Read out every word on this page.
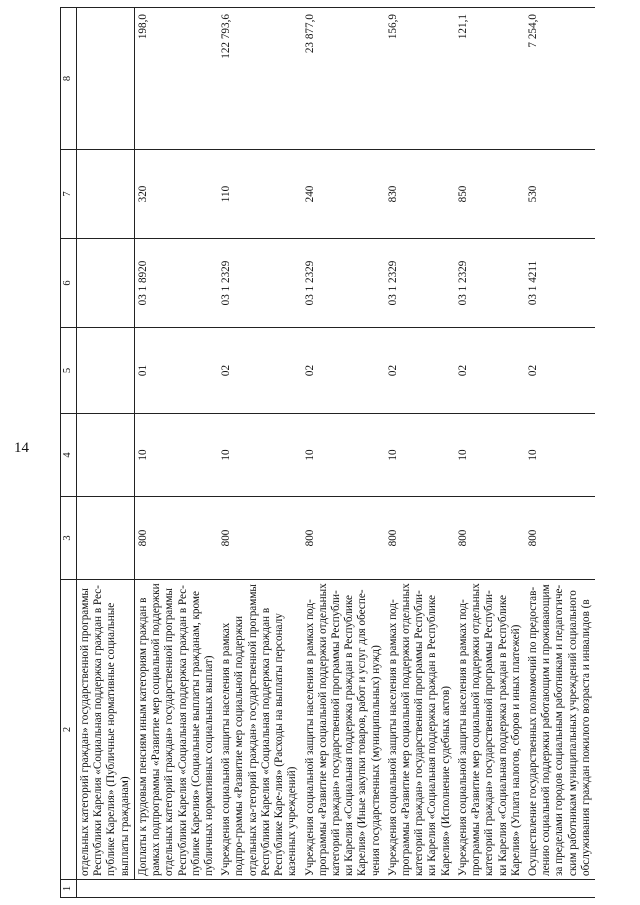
14
1	2	3	4	5	6	7	8
	отдельных категорий граждан» государственной программы Республики Карелия «Социальная поддержка граждан в Рес-публике Карелия» (Публичные нормативные социальные выплаты гражданам)						
	Доплаты к трудовым пенсиям иным категориям граждан в рамках подпрограммы «Развитие мер социальной поддержки отдельных категорий граждан» государственной программы Республики Карелия «Социальная поддержка граждан в Рес-публике Карелия» (Социальные выплаты гражданам, кроме публичных нормативных социальных выплат)	800	10	01	03 1 8920	320	198,0
	Учреждения социальной защиты населения в рамках подпро-граммы «Развитие мер социальной поддержки отдельных ка-тегорий граждан» государственной программы Республики Карелия «Социальная поддержка граждан в Республике Каре-лия» (Расходы на выплаты персоналу казенных учреждений)	800	10	02	03 1 2329	110	122 793,6
	Учреждения социальной защиты населения в рамках под-программы «Развитие мер социальной поддержки отдельных категорий граждан» государственной программы Республи-ки Карелия «Социальная поддержка граждан в Республике Карелия» (Иные закупки товаров, работ и услуг для обеспе-чения государственных (муниципальных) нужд)	800	10	02	03 1 2329	240	23 877,0
	Учреждения социальной защиты населения в рамках под-программы «Развитие мер социальной поддержки отдельных категорий граждан» государственной программы Республи-ки Карелия «Социальная поддержка граждан в Республике Карелия» (Исполнение судебных актов)	800	10	02	03 1 2329	830	156,9
	Учреждения социальной защиты населения в рамках под-программы «Развитие мер социальной поддержки отдельных категорий граждан» государственной программы Республи-ки Карелия «Социальная поддержка граждан в Республике Карелия» (Уплата налогов, сборов и иных платежей)	800	10	02	03 1 2329	850	121,1
	Осуществление государственных полномочий по предостав-лению социальной поддержки работающим и проживающим за пределами городов социальным работникам и педагогиче-ским работникам муниципальных учреждений социального обслуживания граждан пожилого возраста и инвалидов (в	800	10	02	03 1 4211	530	7 254,0
